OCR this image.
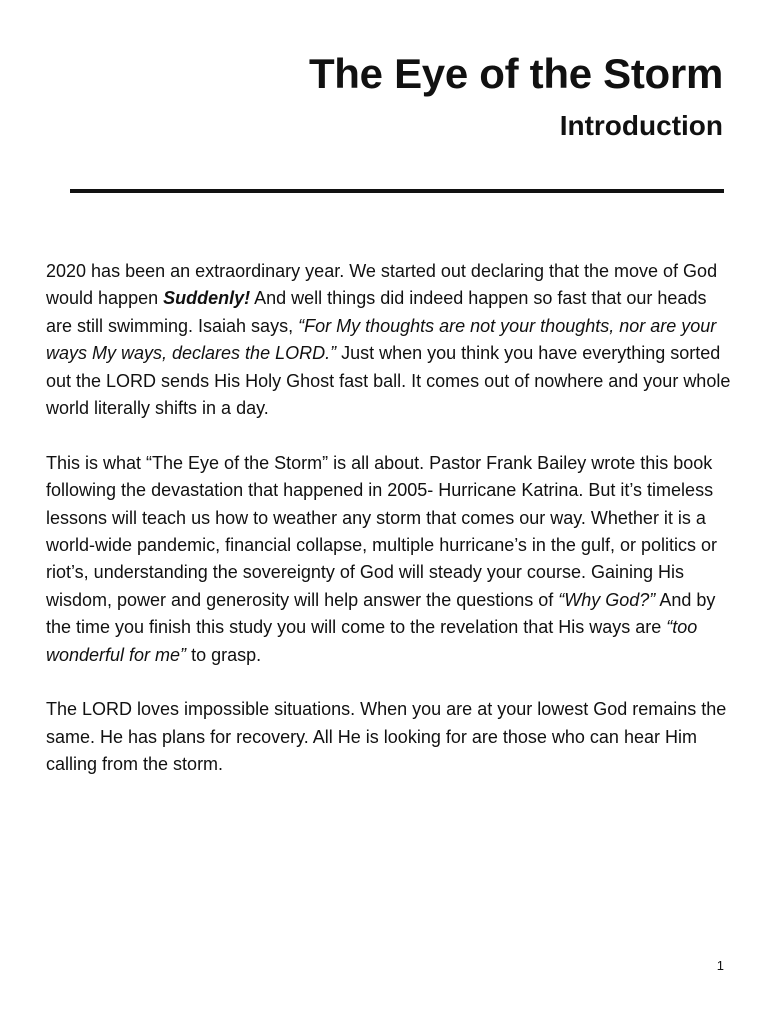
The Eye of the Storm
Introduction

2020 has been an extraordinary year. We started out declaring that the move of God would happen Suddenly! And well things did indeed happen so fast that our heads are still swimming. Isaiah says, “For My thoughts are not your thoughts, nor are your ways My ways, declares the LORD.” Just when you think you have everything sorted out the LORD sends His Holy Ghost fast ball. It comes out of nowhere and your whole world literally shifts in a day.

This is what “The Eye of the Storm” is all about. Pastor Frank Bailey wrote this book following the devastation that happened in 2005- Hurricane Katrina. But it’s timeless lessons will teach us how to weather any storm that comes our way. Whether it is a world-wide pandemic, financial collapse, multiple hurricane’s in the gulf, or politics or riot’s, understanding the sovereignty of God will steady your course. Gaining His wisdom, power and generosity will help answer the questions of “Why God?” And by the time you finish this study you will come to the revelation that His ways are “too wonderful for me” to grasp.

The LORD loves impossible situations. When you are at your lowest God remains the same. He has plans for recovery. All He is looking for are those who can hear Him calling from the storm.

1
